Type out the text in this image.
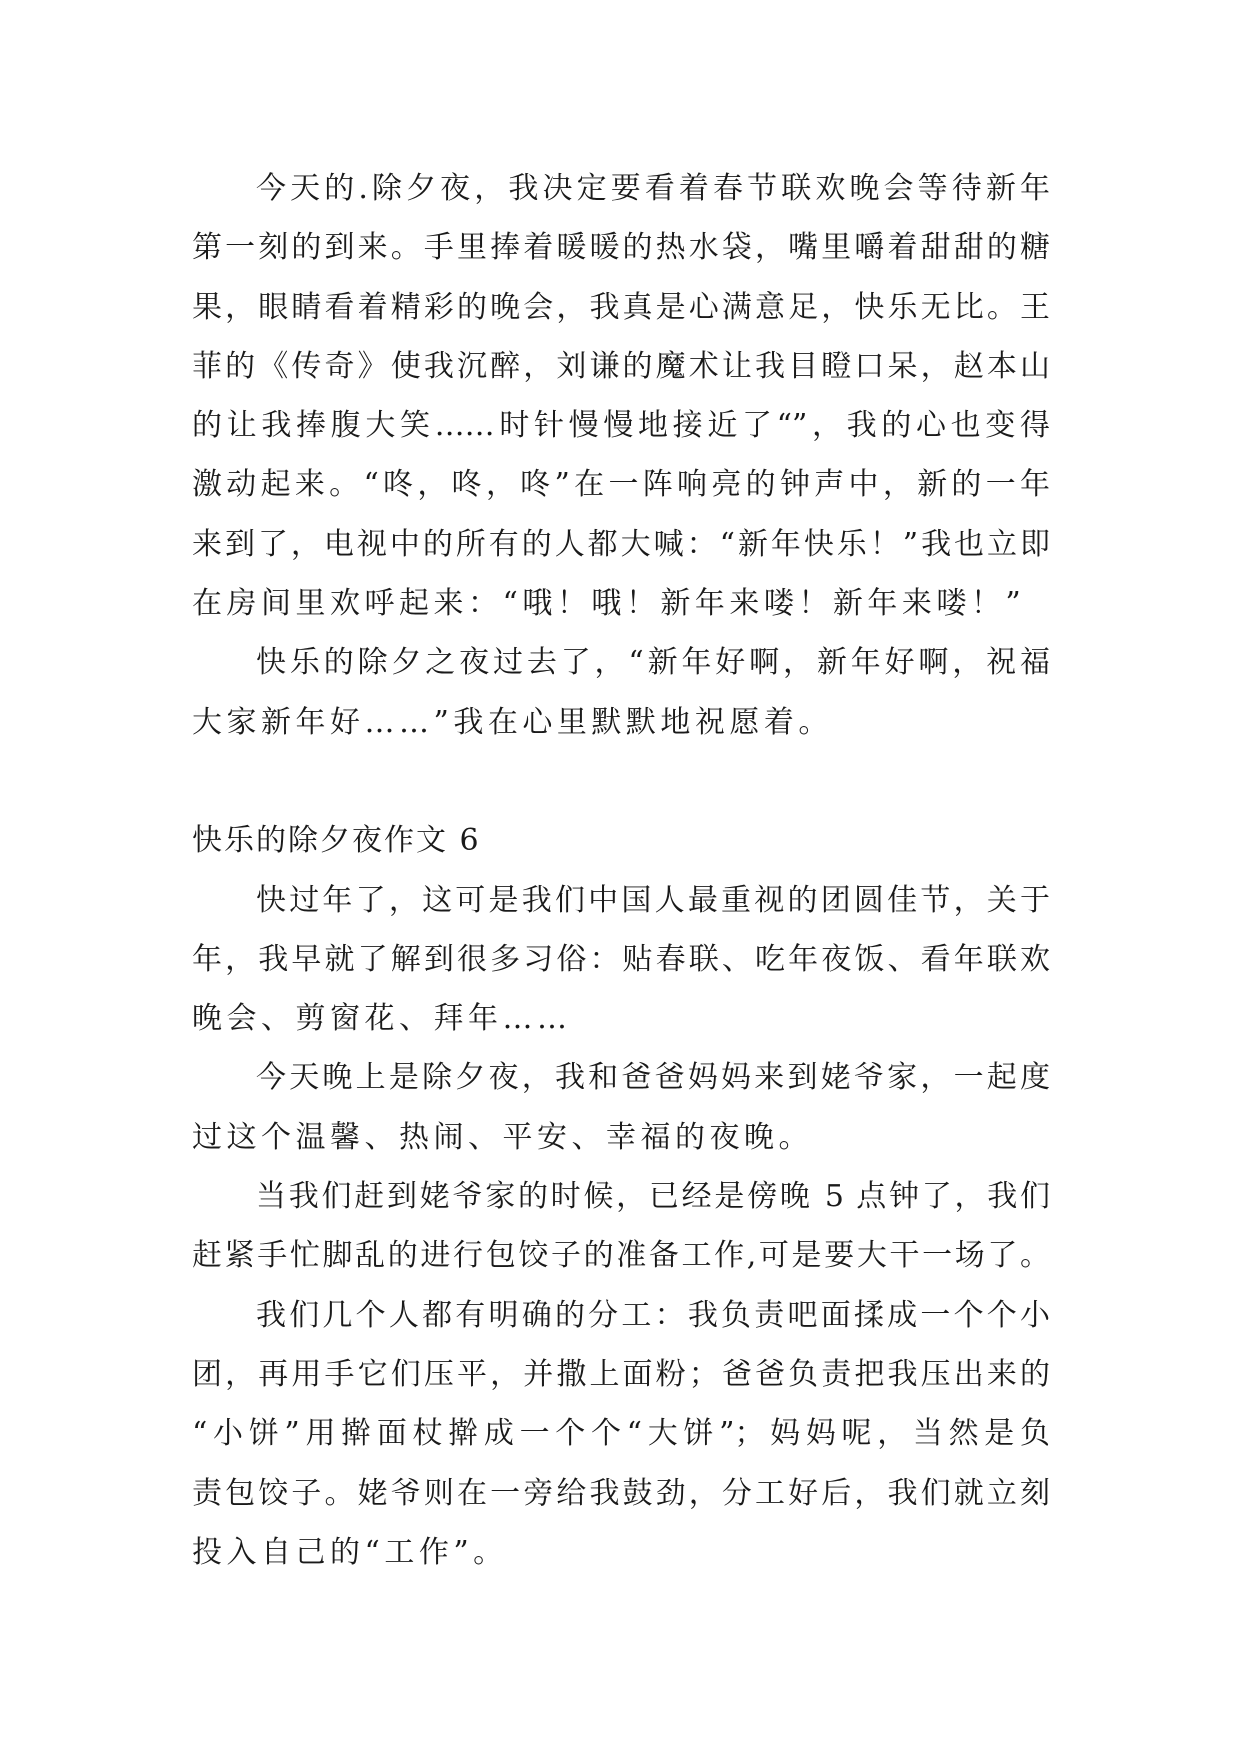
今天的.除夕夜，我决定要看着春节联欢晚会等待新年
第一刻的到来。手里捧着暖暖的热水袋，嘴里嚼着甜甜的糖
果，眼睛看着精彩的晚会，我真是心满意足，快乐无比。王
菲的《传奇》使我沉醉，刘谦的魔术让我目瞪口呆，赵本山
的让我捧腹大笑……时针慢慢地接近了“”，我的心也变得
激动起来。“咚，咚，咚”在一阵响亮的钟声中，新的一年
来到了，电视中的所有的人都大喊：“新年快乐！”我也立即
在房间里欢呼起来：“哦！哦！新年来喽！新年来喽！”
快乐的除夕之夜过去了，“新年好啊，新年好啊，祝福
大家新年好……”我在心里默默地祝愿着。
快乐的除夕夜作文 6
快过年了，这可是我们中国人最重视的团圆佳节，关于
年，我早就了解到很多习俗：贴春联、吃年夜饭、看年联欢
晚会、剪窗花、拜年……
今天晚上是除夕夜，我和爸爸妈妈来到姥爷家，一起度
过这个温馨、热闹、平安、幸福的夜晚。
当我们赶到姥爷家的时候，已经是傍晚 5 点钟了，我们
赶紧手忙脚乱的进行包饺子的准备工作,可是要大干一场了。
我们几个人都有明确的分工：我负责吧面揉成一个个小
团，再用手它们压平，并撒上面粉；爸爸负责把我压出来的
“小饼”用擀面杖擀成一个个“大饼”；妈妈呢，当然是负
责包饺子。姥爷则在一旁给我鼓劲，分工好后，我们就立刻
投入自己的“工作”。
